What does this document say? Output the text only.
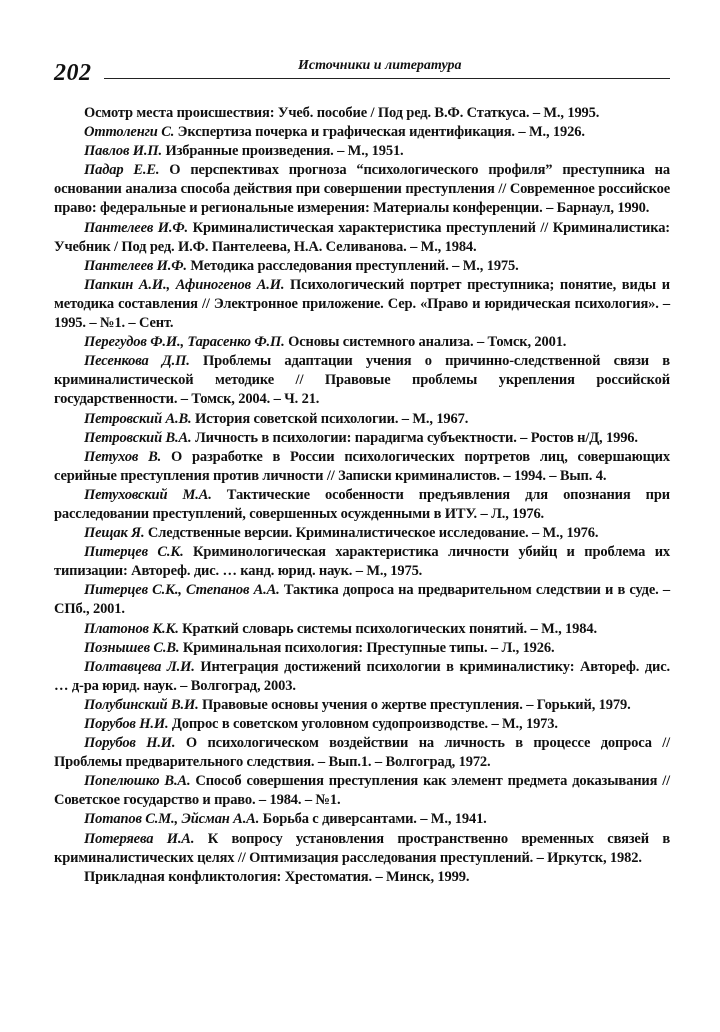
202	Источники и литература

Осмотр места происшествия: Учеб. пособие / Под ред. В.Ф. Статкуса. – М., 1995.

Оттоленги С. Экспертиза почерка и графическая идентификация. – М., 1926.

Павлов И.П. Избранные произведения. – М., 1951.

Падар Е.Е. О перспективах прогноза “психологического профиля” преступника на основании анализа способа действия при совершении преступления // Современное российское право: федеральные и региональные измерения: Материалы конференции. – Барнаул, 1990.

Пантелеев И.Ф. Криминалистическая характеристика преступлений // Криминалистика: Учебник / Под ред. И.Ф. Пантелеева, Н.А. Селиванова. – М., 1984.

Пантелеев И.Ф. Методика расследования преступлений. – М., 1975.

Папкин А.И., Афиногенов А.И. Психологический портрет преступника; понятие, виды и методика составления // Электронное приложение. Сер. «Право и юридическая психология». – 1995. – №1. – Сент.

Перегудов Ф.И., Тарасенко Ф.П. Основы системного анализа. – Томск, 2001.

Песенкова Д.П. Проблемы адаптации учения о причинно-следственной связи в криминалистической методике // Правовые проблемы укрепления российской государственности. – Томск, 2004. – Ч. 21.

Петровский А.В. История советской психологии. – М., 1967.

Петровский В.А. Личность в психологии: парадигма субъектности. – Ростов н/Д, 1996.

Петухов В. О разработке в России психологических портретов лиц, совершающих серийные преступления против личности // Записки криминалистов. – 1994. – Вып. 4.

Петуховский М.А. Тактические особенности предъявления для опознания при расследовании преступлений, совершенных осужденными в ИТУ. – Л., 1976.

Пещак Я. Следственные версии. Криминалистическое исследование. – М., 1976.

Питерцев С.К. Криминологическая характеристика личности убийц и проблема их типизации: Автореф. дис. … канд. юрид. наук. – М., 1975.

Питерцев С.К., Степанов А.А. Тактика допроса на предварительном следствии и в суде. – СПб., 2001.

Платонов К.К. Краткий словарь системы психологических понятий. – М., 1984.

Познышев С.В. Криминальная психология: Преступные типы. – Л., 1926.

Полтавцева Л.И. Интеграция достижений психологии в криминалистику: Автореф. дис. … д-ра юрид. наук. – Волгоград, 2003.

Полубинский В.И. Правовые основы учения о жертве преступления. – Горький, 1979.

Порубов Н.И. Допрос в советском уголовном судопроизводстве. – М., 1973.

Порубов Н.И. О психологическом воздействии на личность в процессе допроса // Проблемы предварительного следствия. – Вып.1. – Волгоград, 1972.

Попелюшко В.А. Способ совершения преступления как элемент предмета доказывания // Советское государство и право. – 1984. – №1.

Потапов С.М., Эйсман А.А. Борьба с диверсантами. – М., 1941.

Потеряева И.А. К вопросу установления пространственно временных связей в криминалистических целях // Оптимизация расследования преступлений. – Иркутск, 1982.

Прикладная конфликтология: Хрестоматия. – Минск, 1999.
